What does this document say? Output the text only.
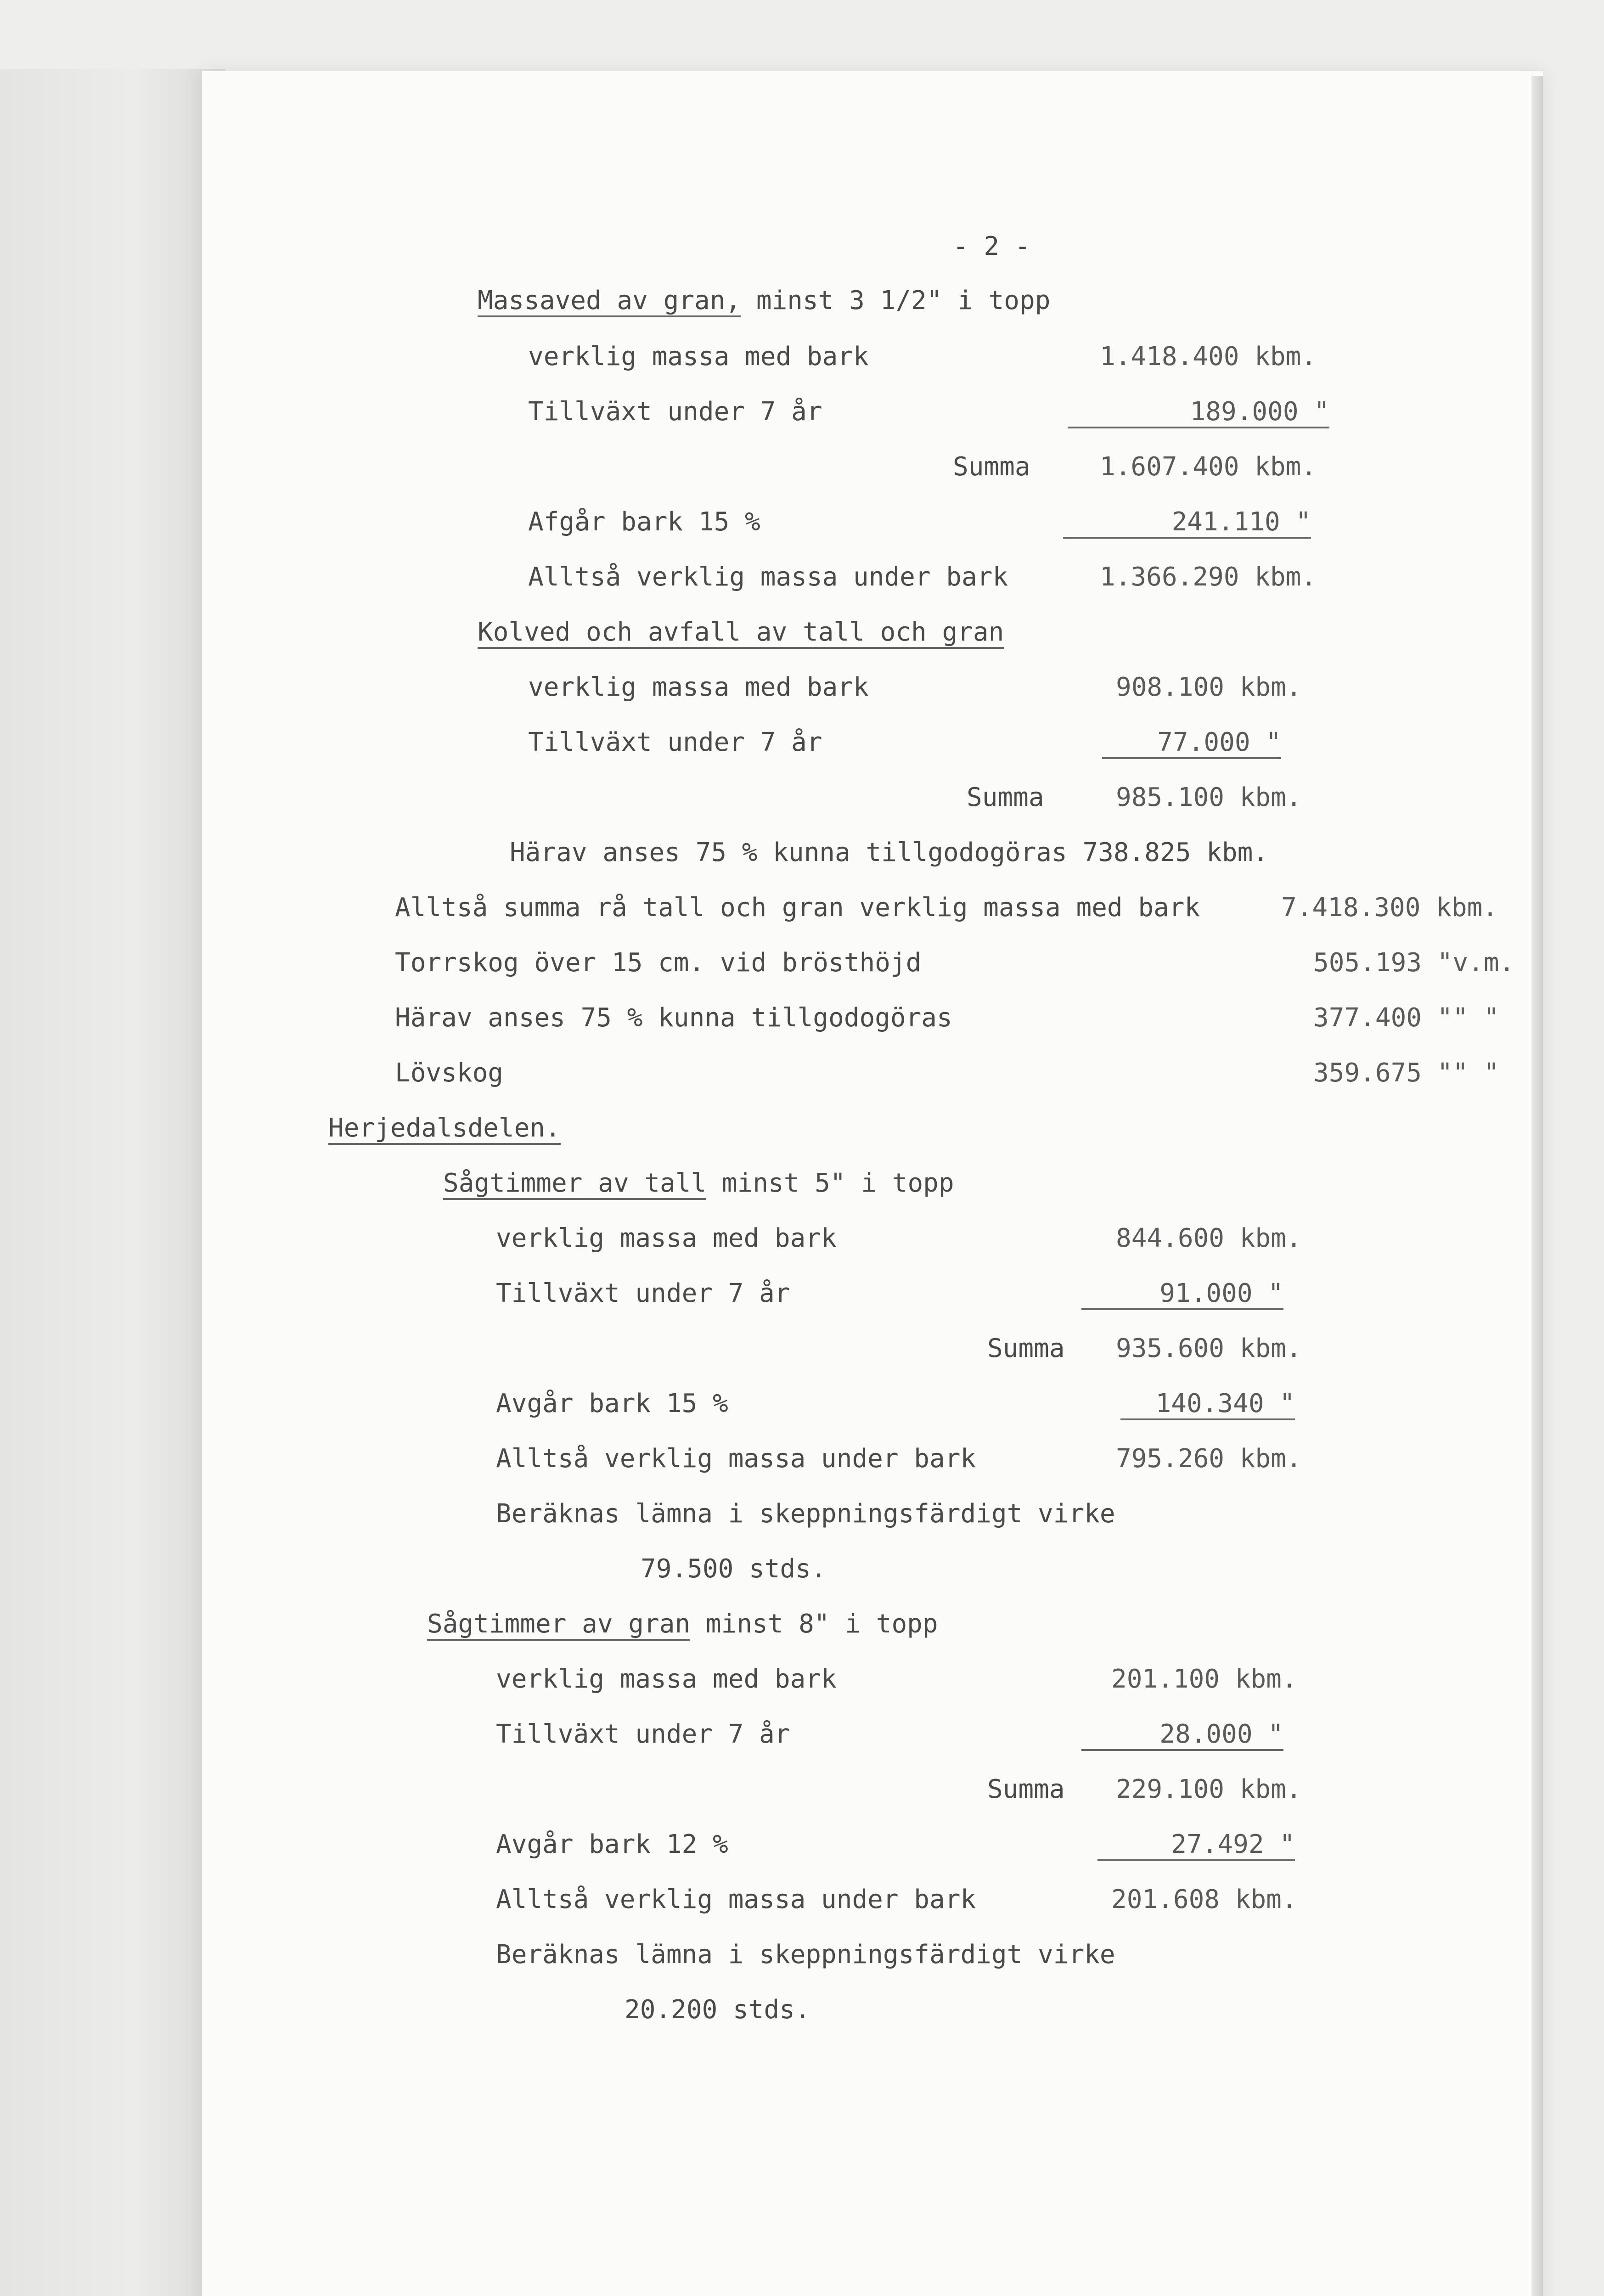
- 2 -
Massaved av gran, minst 3 1/2" i topp
verklig massa med bark	1.418.400 kbm.
Tillväxt under 7 år	189.000 "
Summa	1.607.400 kbm.
Afgår bark 15 %	241.110 "
Alltså verklig massa under bark	1.366.290 kbm.
Kolved och avfall av tall och gran
verklig massa med bark	908.100 kbm.
Tillväxt under 7 år	77.000 "
Summa	985.100 kbm.
Härav anses 75 % kunna tillgodogöras 738.825 kbm.
Alltså summa rå tall och gran verklig massa med bark	7.418.300 kbm.
Torrskog över 15 cm. vid brösthöjd	505.193 "v.m.
Härav anses 75 % kunna tillgodogöras	377.400 "" "
Lövskog	359.675 "" "
Herjedalsdelen.
Sågtimmer av tall minst 5" i topp
verklig massa med bark	844.600 kbm.
Tillväxt under 7 år	91.000 "
Summa 935.600 kbm.
Avgår bark 15 %	140.340 "
Alltså verklig massa under bark	795.260 kbm.
Beräknas lämna i skeppningsfärdigt virke
79.500 stds.
Sågtimmer av gran minst 8" i topp
verklig massa med bark	201.100 kbm.
Tillväxt under 7 år	28.000 "
Summa 229.100 kbm.
Avgår bark 12 %	27.492 "
Alltså verklig massa under bark	201.608 kbm.
Beräknas lämna i skeppningsfärdigt virke
20.200 stds.
